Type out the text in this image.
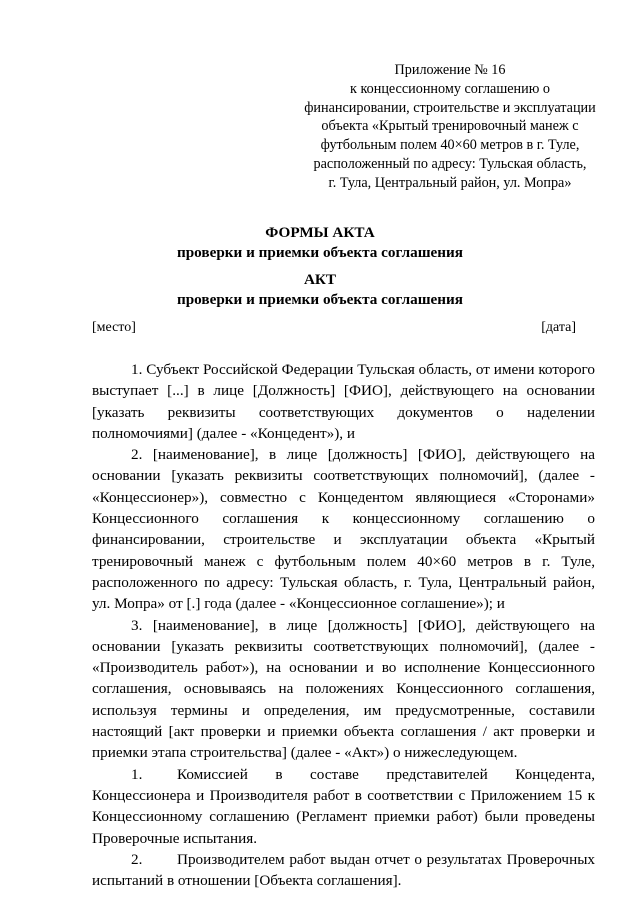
Приложение № 16
к концессионному соглашению о
финансировании, строительстве и эксплуатации
объекта «Крытый тренировочный манеж с
футбольным полем 40×60 метров в г. Туле,
расположенный по адресу: Тульская область,
г. Тула, Центральный район, ул. Мопра»
ФОРМЫ АКТА
проверки и приемки объекта соглашения
АКТ
проверки и приемки объекта соглашения
[место]	[дата]

1. Субъект Российской Федерации Тульская область, от имени которого выступает [...] в лице [Должность] [ФИО], действующего на основании [указать реквизиты соответствующих документов о наделении полномочиями] (далее - «Концедент»), и

2. [наименование], в лице [должность] [ФИО], действующего на основании [указать реквизиты соответствующих полномочий], (далее - «Концессионер»), совместно с Концедентом являющиеся «Сторонами» Концессионного соглашения к концессионному соглашению о финансировании, строительстве и эксплуатации объекта «Крытый тренировочный манеж с футбольным полем 40×60 метров в г. Туле, расположенного по адресу: Тульская область, г. Тула, Центральный район, ул. Мопра» от [.] года (далее - «Концессионное соглашение»); и

3. [наименование], в лице [должность] [ФИО], действующего на основании [указать реквизиты соответствующих полномочий], (далее - «Производитель работ»), на основании и во исполнение Концессионного соглашения, основываясь на положениях Концессионного соглашения, используя термины и определения, им предусмотренные, составили настоящий [акт проверки и приемки объекта соглашения / акт проверки и приемки этапа строительства] (далее - «Акт») о нижеследующем.

1. Комиссией в составе представителей Концедента, Концессионера и Производителя работ в соответствии с Приложением 15 к Концессионному соглашению (Регламент приемки работ) были проведены Проверочные испытания.

2. Производителем работ выдан отчет о результатах Проверочных испытаний в отношении [Объекта соглашения].
